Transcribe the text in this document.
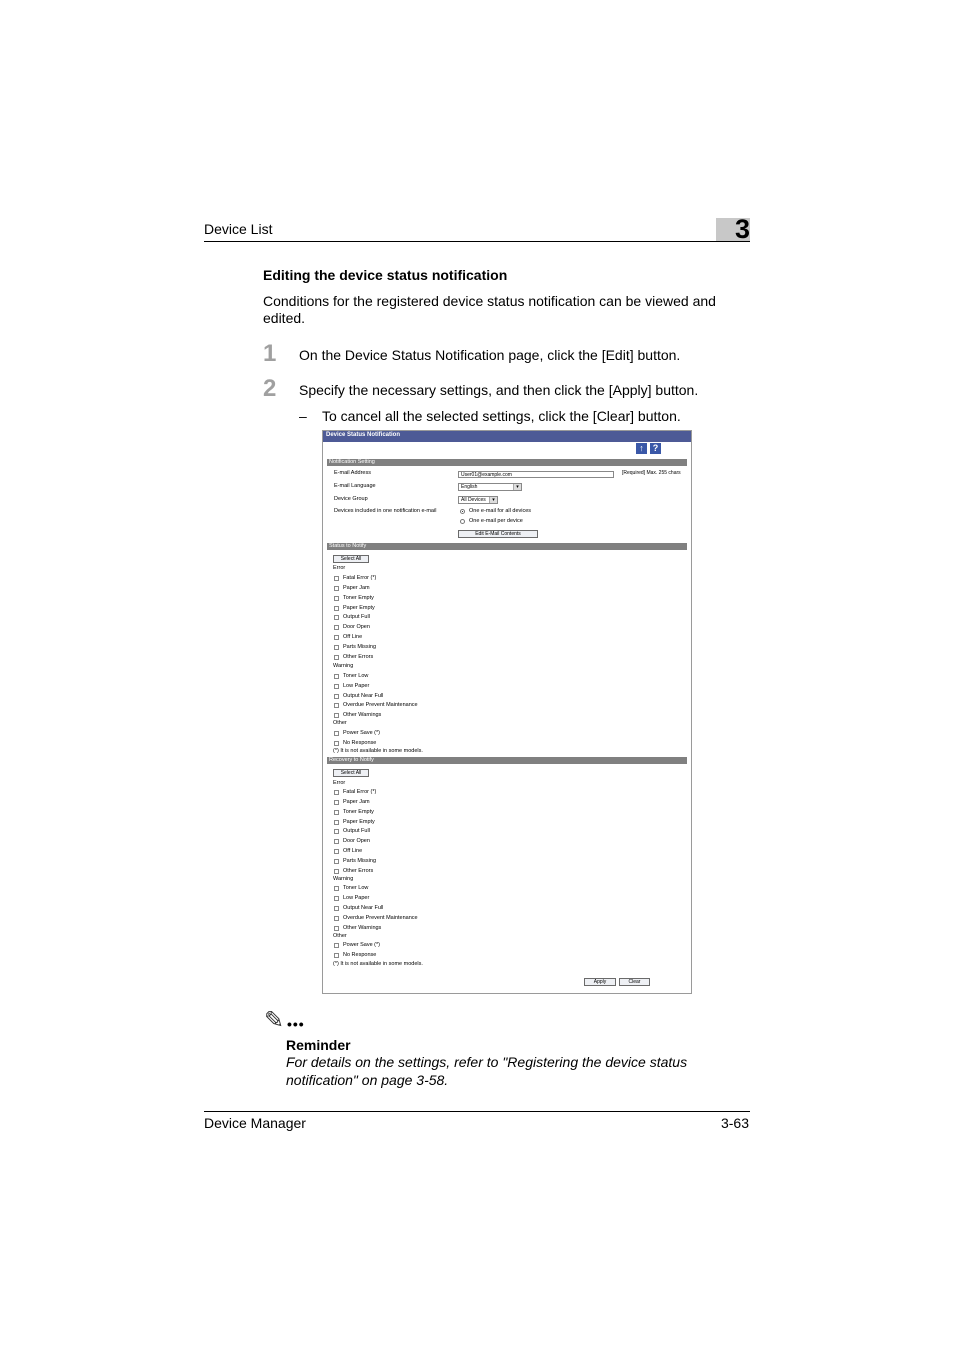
Device List	3
Editing the device status notification
Conditions for the registered device status notification can be viewed and edited.
1 On the Device Status Notification page, click the [Edit] button.
2 Specify the necessary settings, and then click the [Apply] button.
– To cancel all the selected settings, click the [Clear] button.
Device Status Notification
↑	?
Notification Setting
E-mail Address	User01@example.com	[Required] Max. 255 chars
E-mail Language	English	▾
Device Group	All Devices	▾
Devices included in one notification e-mail	One e-mail for all devices
One e-mail per device
Edit E-Mail Contents
Status to Notify
Select All
Error
Fatal Error (*)
Paper Jam
Toner Empty
Paper Empty
Output Full
Door Open
Off Line
Parts Missing
Other Errors
Warning
Toner Low
Low Paper
Output Near Full
Overdue Prevent Maintenance
Other Warnings
Other
Power Save (*)
No Response
(*) It is not available in some models.
Recovery to Notify
Select All
Error
Fatal Error (*)
Paper Jam
Toner Empty
Paper Empty
Output Full
Door Open
Off Line
Parts Missing
Other Errors
Warning
Toner Low
Low Paper
Output Near Full
Overdue Prevent Maintenance
Other Warnings
Other
Power Save (*)
No Response
(*) It is not available in some models.
Apply	Clear
✎ •••
Reminder
For details on the settings, refer to "Registering the device status notification" on page 3-58.
Device Manager	3-63
